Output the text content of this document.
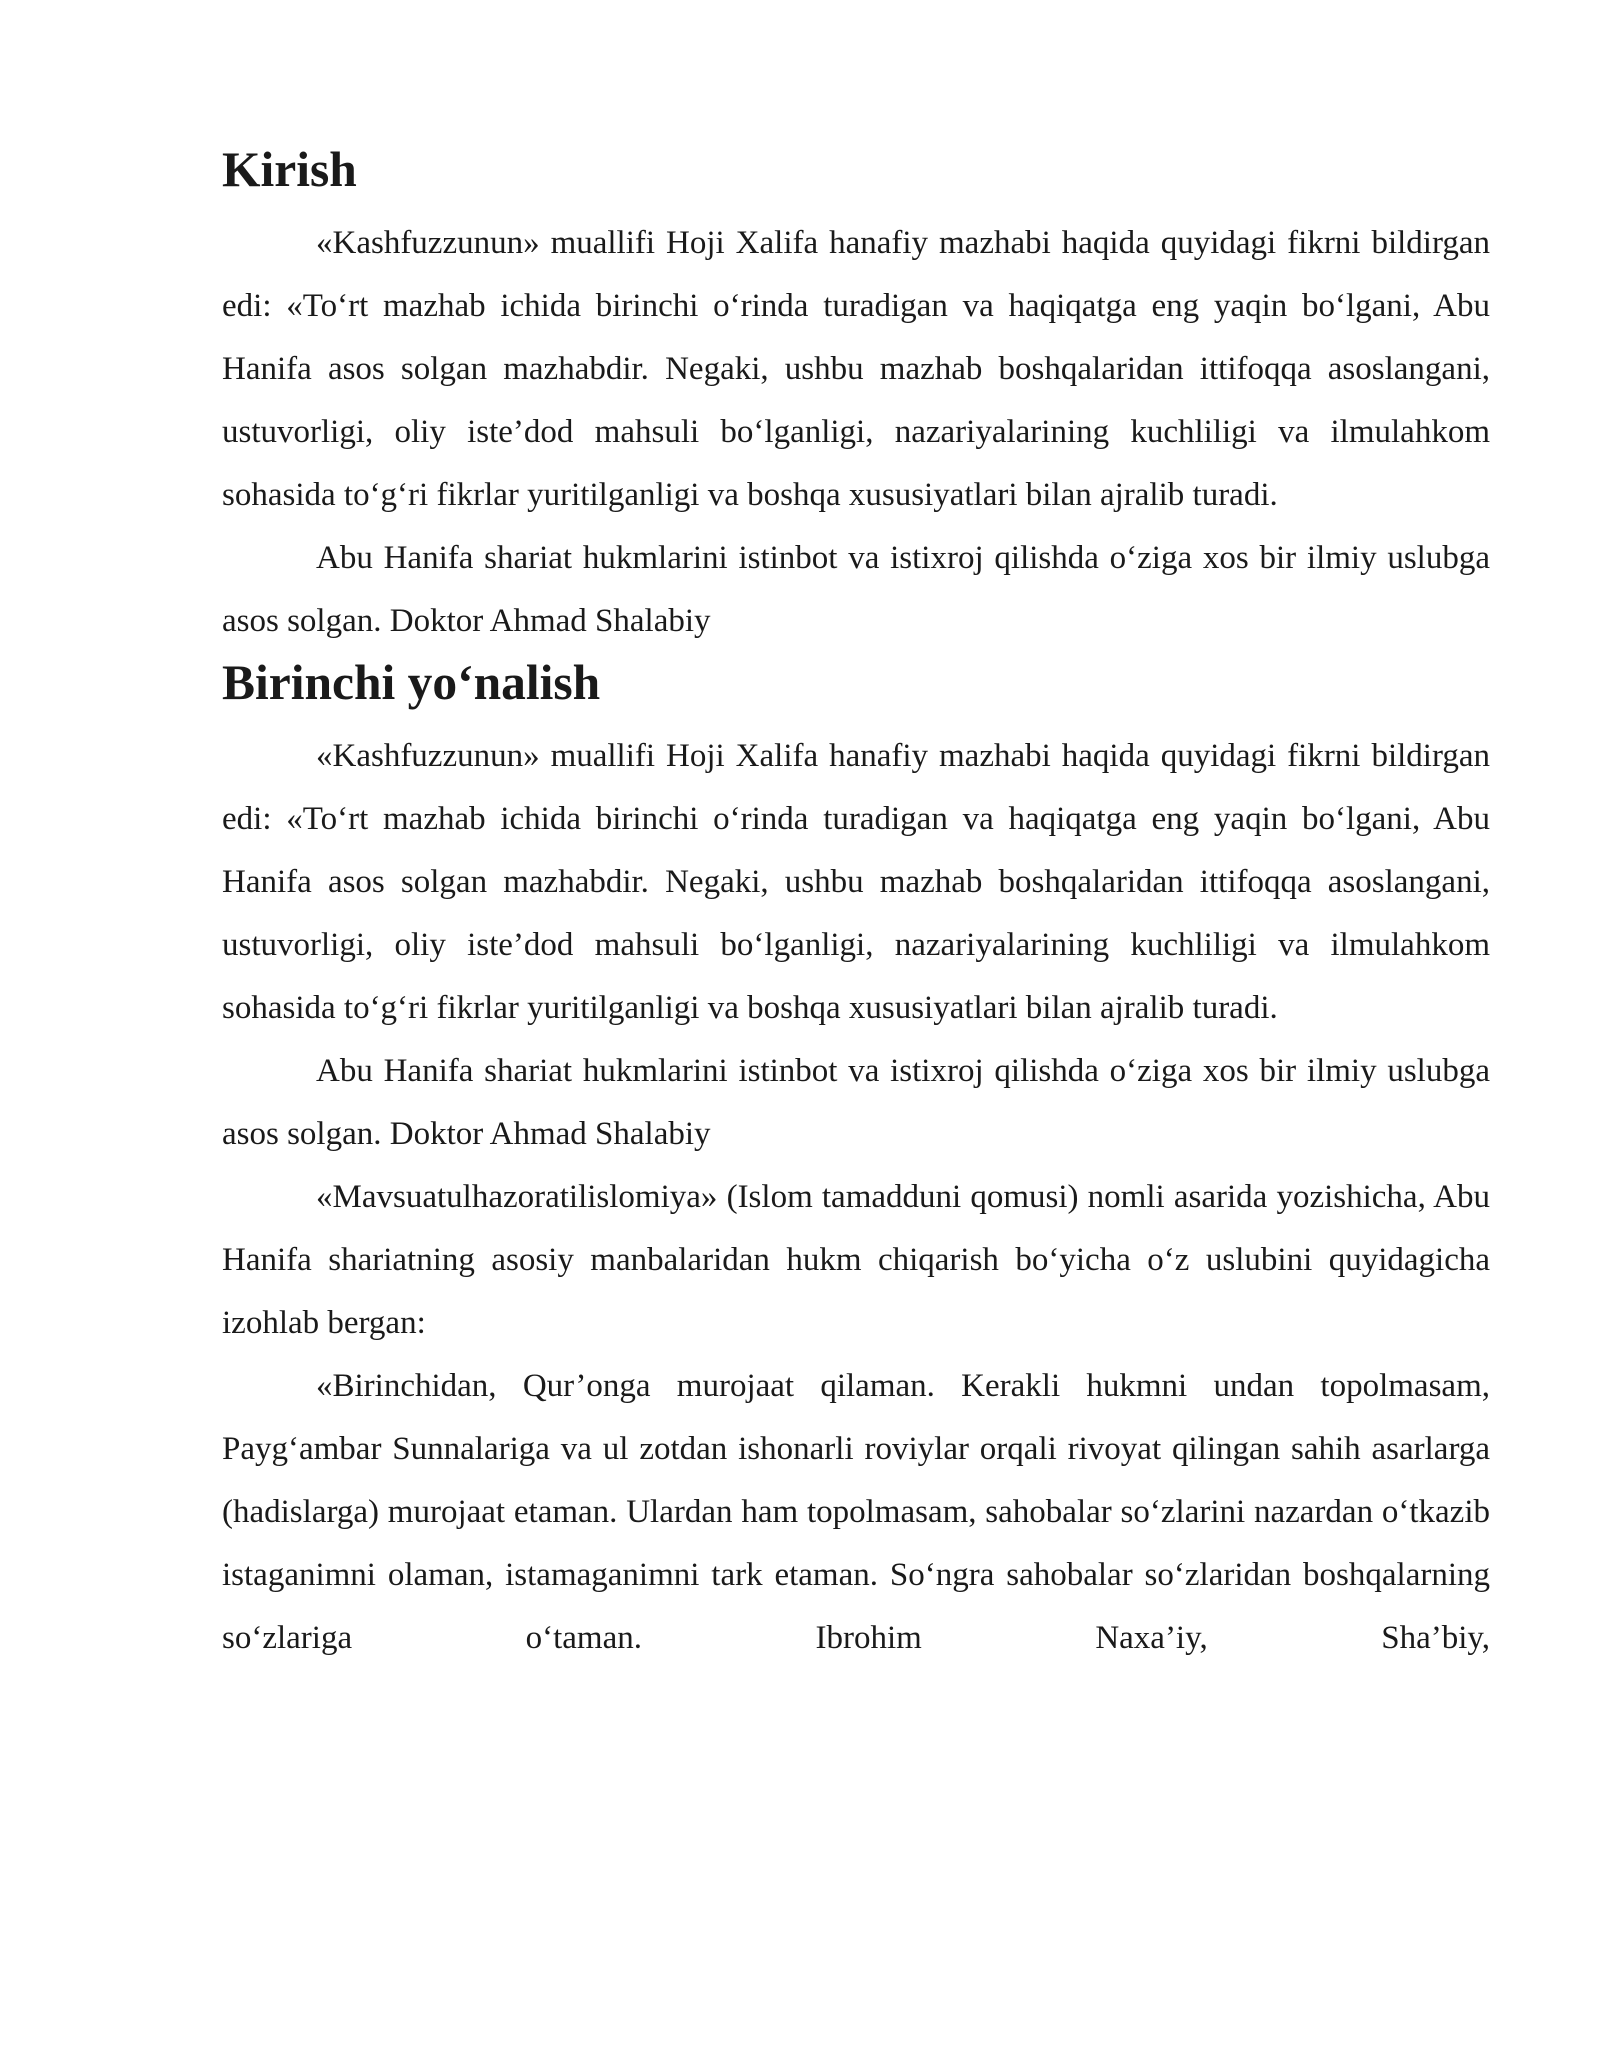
Kirish

«Kashfuzzunun» muallifi Hoji Xalifa hanafiy mazhabi haqida quyidagi fikrni bildirgan edi: «To‘rt mazhab ichida birinchi o‘rinda turadigan va haqiqatga eng yaqin bo‘lgani, Abu Hanifa asos solgan mazhabdir. Negaki, ushbu mazhab boshqalaridan ittifoqqa asoslangani, ustuvorligi, oliy iste’dod mahsuli bo‘lganligi, nazariyalarining kuchliligi va ilmulahkom sohasida to‘g‘ri fikrlar yuritilganligi va boshqa xususiyatlari bilan ajralib turadi.

Abu Hanifa shariat hukmlarini istinbot va istixroj qilishda o‘ziga xos bir ilmiy uslubga asos solgan. Doktor Ahmad Shalabiy

Birinchi yo‘nalish

«Kashfuzzunun» muallifi Hoji Xalifa hanafiy mazhabi haqida quyidagi fikrni bildirgan edi: «To‘rt mazhab ichida birinchi o‘rinda turadigan va haqiqatga eng yaqin bo‘lgani, Abu Hanifa asos solgan mazhabdir. Negaki, ushbu mazhab boshqalaridan ittifoqqa asoslangani, ustuvorligi, oliy iste’dod mahsuli bo‘lganligi, nazariyalarining kuchliligi va ilmulahkom sohasida to‘g‘ri fikrlar yuritilganligi va boshqa xususiyatlari bilan ajralib turadi.

Abu Hanifa shariat hukmlarini istinbot va istixroj qilishda o‘ziga xos bir ilmiy uslubga asos solgan. Doktor Ahmad Shalabiy

«Mavsuatulhazoratilislomiya» (Islom tamadduni qomusi) nomli asarida yozishicha, Abu Hanifa shariatning asosiy manbalaridan hukm chiqarish bo‘yicha o‘z uslubini quyidagicha izohlab bergan:

«Birinchidan, Qur’onga murojaat qilaman. Kerakli hukmni undan topolmasam, Payg‘ambar Sunnalariga va ul zotdan ishonarli roviylar orqali rivoyat qilingan sahih asarlarga (hadislarga) murojaat etaman. Ulardan ham topolmasam, sahobalar so‘zlarini nazardan o‘tkazib istaganimni olaman, istamaganimni tark etaman. So‘ngra sahobalar so‘zlaridan boshqalarning so‘zlariga o‘taman. Ibrohim Naxa’iy, Sha’biy,
